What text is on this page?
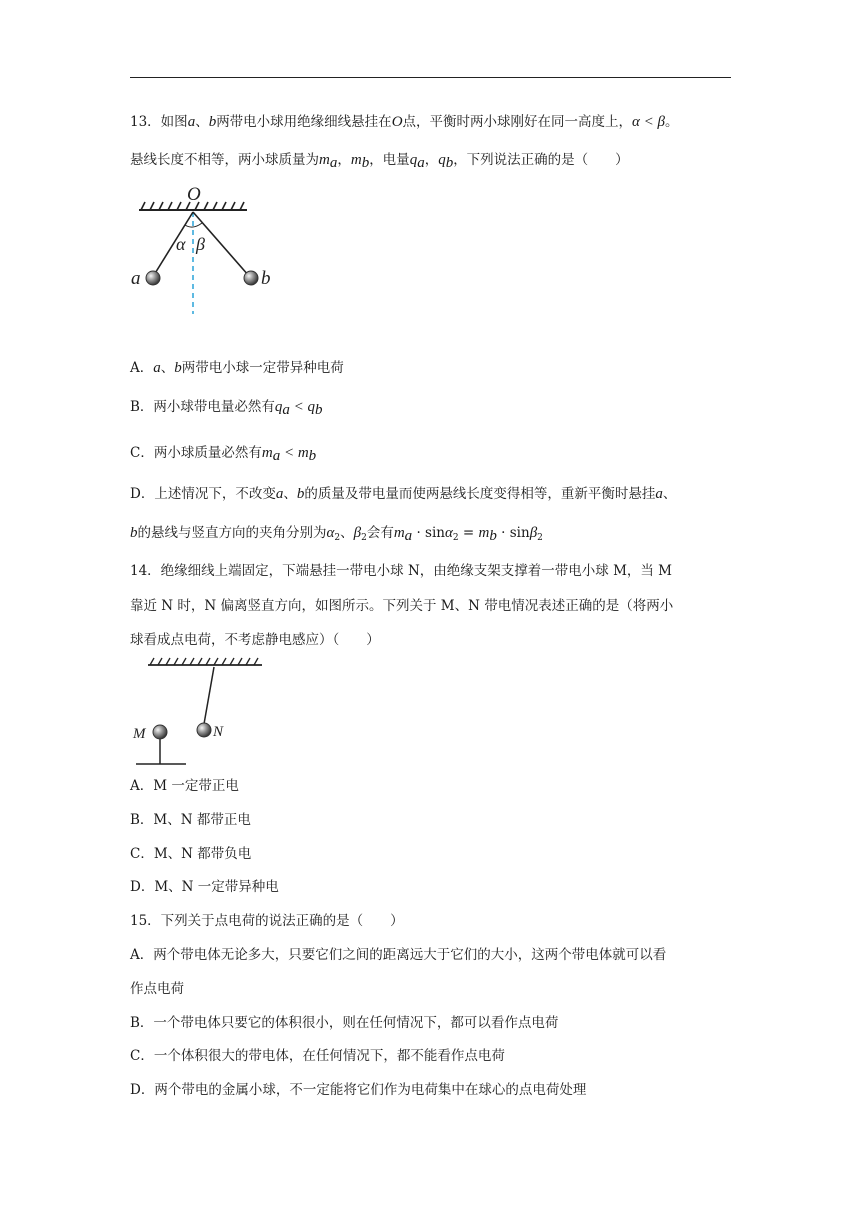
13．如图a、b两带电小球用绝缘细线悬挂在O点，平衡时两小球刚好在同一高度上，α < β。
悬线长度不相等，两小球质量为$m_a$，$m_b$，电量$q_a$，$q_b$，下列说法正确的是（　　）
O
α β
a	b
A．a、b两带电小球一定带异种电荷
B．两小球带电量必然有$q_a < q_b$
C．两小球质量必然有$m_a < m_b$
D．上述情况下，不改变a、b的质量及带电量而使两悬线长度变得相等，重新平衡时悬挂a、
b的悬线与竖直方向的夹角分别为$\alpha_2$、$\beta_2$会有$m_a \cdot \sin\alpha_2 = m_b \cdot \sin\beta_2$
14．绝缘细线上端固定，下端悬挂一带电小球 N，由绝缘支架支撑着一带电小球 M，当 M
靠近 N 时，N 偏离竖直方向，如图所示。下列关于 M、N 带电情况表述正确的是（将两小
球看成点电荷，不考虑静电感应）（　　）
M	N
A．M 一定带正电
B．M、N 都带正电
C．M、N 都带负电
D．M、N 一定带异种电
15．下列关于点电荷的说法正确的是（　　）
A．两个带电体无论多大，只要它们之间的距离远大于它们的大小，这两个带电体就可以看
作点电荷
B．一个带电体只要它的体积很小，则在任何情况下，都可以看作点电荷
C．一个体积很大的带电体，在任何情况下，都不能看作点电荷
D．两个带电的金属小球，不一定能将它们作为电荷集中在球心的点电荷处理
